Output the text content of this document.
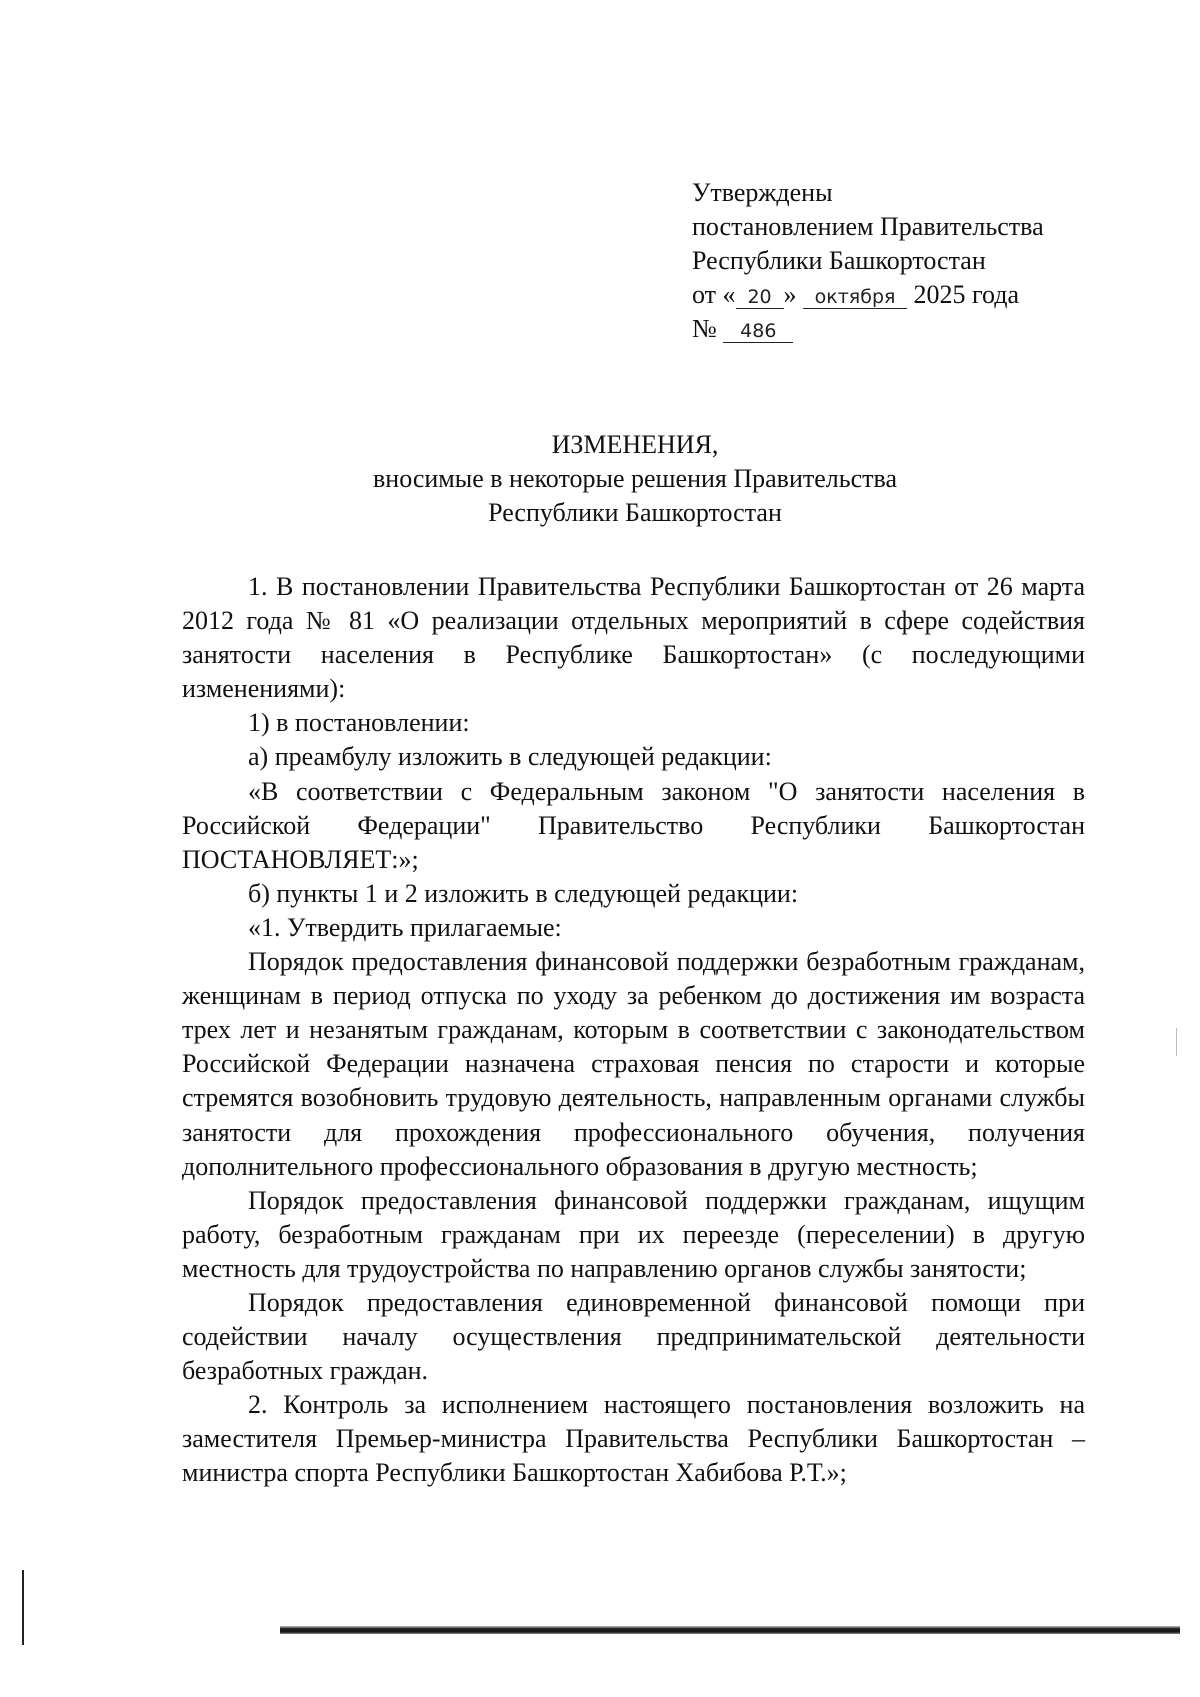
Утверждены
постановлением Правительства
Республики Башкортостан
от « 20 » октября 2025 года
№ 486
ИЗМЕНЕНИЯ,
вносимые в некоторые решения Правительства
Республики Башкортостан

1. В постановлении Правительства Республики Башкортостан от 26 марта 2012 года № 81 «О реализации отдельных мероприятий в сфере содействия занятости населения в Республике Башкортостан» (с последующими изменениями):

1) в постановлении:

а) преамбулу изложить в следующей редакции:

«В соответствии с Федеральным законом "О занятости населения в Российской Федерации" Правительство Республики Башкортостан ПОСТАНОВЛЯЕТ:»;

б) пункты 1 и 2 изложить в следующей редакции:

«1. Утвердить прилагаемые:

Порядок предоставления финансовой поддержки безработным гражданам, женщинам в период отпуска по уходу за ребенком до достижения им возраста трех лет и незанятым гражданам, которым в соответствии с законодательством Российской Федерации назначена страховая пенсия по старости и которые стремятся возобновить трудовую деятельность, направленным органами службы занятости для прохождения профессионального обучения, получения дополнительного профессионального образования в другую местность;

Порядок предоставления финансовой поддержки гражданам, ищущим работу, безработным гражданам при их переезде (переселении) в другую местность для трудоустройства по направлению органов службы занятости;

Порядок предоставления единовременной финансовой помощи при содействии началу осуществления предпринимательской деятельности безработных граждан.

2. Контроль за исполнением настоящего постановления возложить на заместителя Премьер-министра Правительства Республики Башкортостан – министра спорта Республики Башкортостан Хабибова Р.Т.»;
